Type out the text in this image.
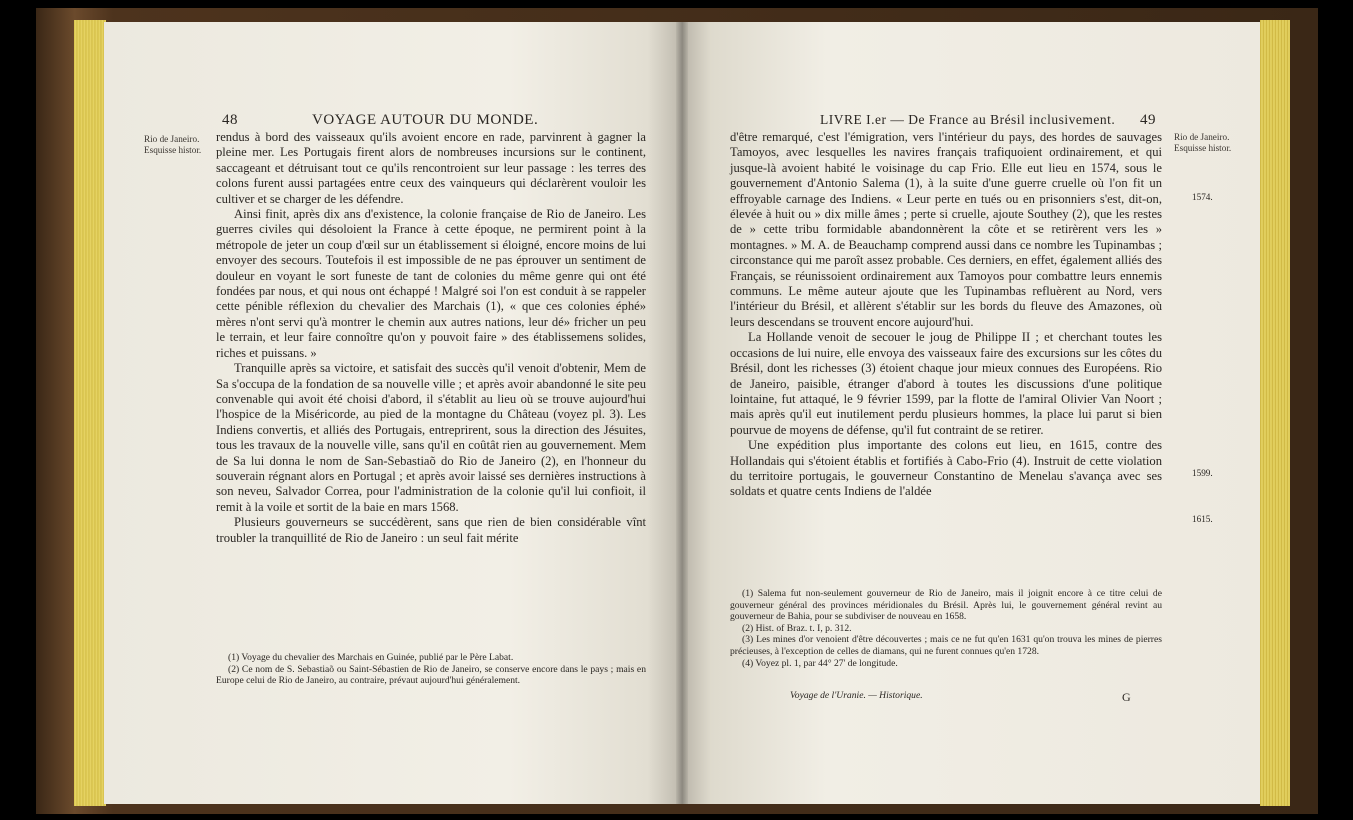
48	VOYAGE AUTOUR DU MONDE.
Rio de Janeiro.
Esquisse histor.

rendus à bord des vaisseaux qu'ils avoient encore en rade, parvinrent à gagner la pleine mer. Les Portugais firent alors de nombreuses incursions sur le continent, saccageant et détruisant tout ce qu'ils rencontroient sur leur passage : les terres des colons furent aussi partagées entre ceux des vainqueurs qui déclarèrent vouloir les cultiver et se charger de les défendre.

Ainsi finit, après dix ans d'existence, la colonie française de Rio de Janeiro. Les guerres civiles qui désoloient la France à cette époque, ne permirent point à la métropole de jeter un coup d'œil sur un établissement si éloigné, encore moins de lui envoyer des secours. Toutefois il est impossible de ne pas éprouver un sentiment de douleur en voyant le sort funeste de tant de colonies du même genre qui ont été fondées par nous, et qui nous ont échappé ! Malgré soi l'on est conduit à se rappeler cette pénible réflexion du chevalier des Marchais (1), « que ces colonies éphé» mères n'ont servi qu'à montrer le chemin aux autres nations, leur dé» fricher un peu le terrain, et leur faire connoître qu'on y pouvoit faire » des établissemens solides, riches et puissans. »

Tranquille après sa victoire, et satisfait des succès qu'il venoit d'obtenir, Mem de Sa s'occupa de la fondation de sa nouvelle ville ; et après avoir abandonné le site peu convenable qui avoit été choisi d'abord, il s'établit au lieu où se trouve aujourd'hui l'hospice de la Miséricorde, au pied de la montagne du Château (voyez pl. 3). Les Indiens convertis, et alliés des Portugais, entreprirent, sous la direction des Jésuites, tous les travaux de la nouvelle ville, sans qu'il en coûtât rien au gouvernement. Mem de Sa lui donna le nom de San-Sebastiaõ do Rio de Janeiro (2), en l'honneur du souverain régnant alors en Portugal ; et après avoir laissé ses dernières instructions à son neveu, Salvador Correa, pour l'administration de la colonie qu'il lui confioit, il remit à la voile et sortit de la baie en mars 1568.

Plusieurs gouverneurs se succédèrent, sans que rien de bien considérable vînt troubler la tranquillité de Rio de Janeiro : un seul fait mérite

(1) Voyage du chevalier des Marchais en Guinée, publié par le Père Labat.

(2) Ce nom de S. Sebastiaõ ou Saint-Sébastien de Rio de Janeiro, se conserve encore dans le pays ; mais en Europe celui de Rio de Janeiro, au contraire, prévaut aujourd'hui généralement.

LIVRE I.er — De France au Brésil inclusivement. 49
Rio de Janeiro.
Esquisse histor.
1574.
1599.
1615.

d'être remarqué, c'est l'émigration, vers l'intérieur du pays, des hordes de sauvages Tamoyos, avec lesquelles les navires français trafiquoient ordinairement, et qui jusque-là avoient habité le voisinage du cap Frio. Elle eut lieu en 1574, sous le gouvernement d'Antonio Salema (1), à la suite d'une guerre cruelle où l'on fit un effroyable carnage des Indiens. « Leur perte en tués ou en prisonniers s'est, dit-on, élevée à huit ou » dix mille âmes ; perte si cruelle, ajoute Southey (2), que les restes de » cette tribu formidable abandonnèrent la côte et se retirèrent vers les » montagnes. » M. A. de Beauchamp comprend aussi dans ce nombre les Tupinambas ; circonstance qui me paroît assez probable. Ces derniers, en effet, également alliés des Français, se réunissoient ordinairement aux Tamoyos pour combattre leurs ennemis communs. Le même auteur ajoute que les Tupinambas refluèrent au Nord, vers l'intérieur du Brésil, et allèrent s'établir sur les bords du fleuve des Amazones, où leurs descendans se trouvent encore aujourd'hui.

La Hollande venoit de secouer le joug de Philippe II ; et cherchant toutes les occasions de lui nuire, elle envoya des vaisseaux faire des excursions sur les côtes du Brésil, dont les richesses (3) étoient chaque jour mieux connues des Européens. Rio de Janeiro, paisible, étranger d'abord à toutes les discussions d'une politique lointaine, fut attaqué, le 9 février 1599, par la flotte de l'amiral Olivier Van Noort ; mais après qu'il eut inutilement perdu plusieurs hommes, la place lui parut si bien pourvue de moyens de défense, qu'il fut contraint de se retirer.

Une expédition plus importante des colons eut lieu, en 1615, contre des Hollandais qui s'étoient établis et fortifiés à Cabo-Frio (4). Instruit de cette violation du territoire portugais, le gouverneur Constantino de Menelau s'avança avec ses soldats et quatre cents Indiens de l'aldée

(1) Salema fut non-seulement gouverneur de Rio de Janeiro, mais il joignit encore à ce titre celui de gouverneur général des provinces méridionales du Brésil. Après lui, le gouvernement général revint au gouverneur de Bahia, pour se subdiviser de nouveau en 1658.

(2) Hist. of Braz. t. I, p. 312.

(3) Les mines d'or venoient d'être découvertes ; mais ce ne fut qu'en 1631 qu'on trouva les mines de pierres précieuses, à l'exception de celles de diamans, qui ne furent connues qu'en 1728.

(4) Voyez pl. 1, par 44° 27' de longitude.

Voyage de l'Uranie. — Historique.	G
